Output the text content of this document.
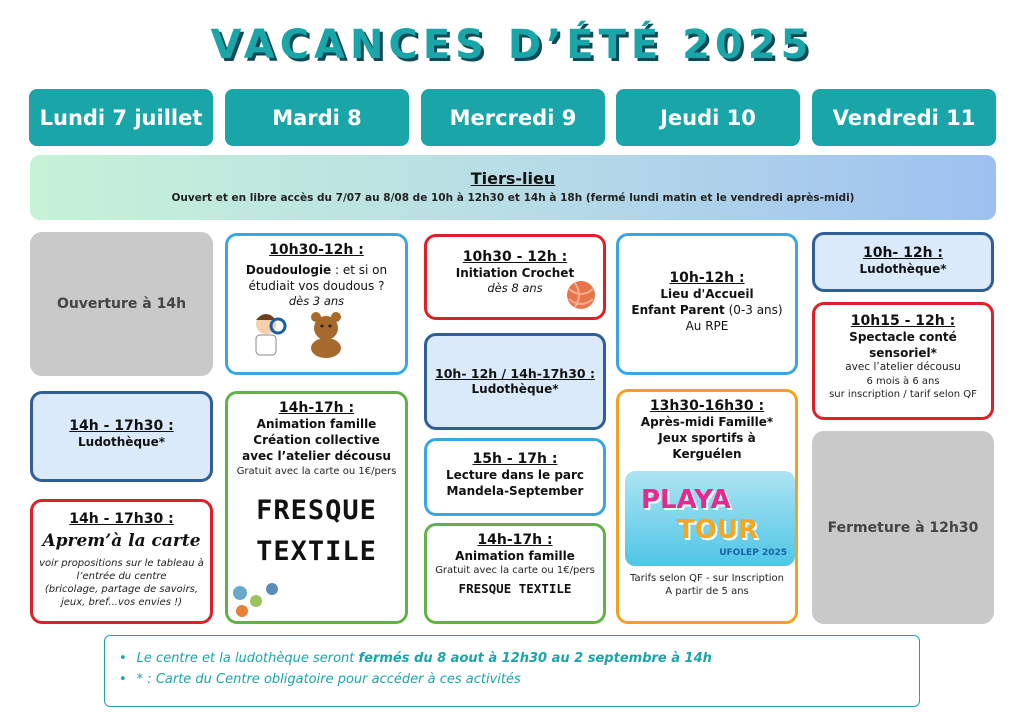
VACANCES D’ÉTÉ 2025
Lundi 7 juillet	Mardi 8	Mercredi 9	Jeudi 10	Vendredi 11
Tiers-lieu
Ouvert et en libre accès du 7/07 au 8/08 de 10h à 12h30 et 14h à 18h (fermé lundi matin et le vendredi après-midi)
Ouverture à 14h
14h - 17h30 :
Ludothèque*
14h - 17h30 :
Aprem’à la carte
voir propositions sur le tableau à l’entrée du centre
(bricolage, partage de savoirs, jeux, bref...vos envies !)
10h30-12h :
Doudoulogie : et si on étudiait vos doudous ?
dès 3 ans
14h-17h :
Animation famille
Création collective
avec l’atelier décousu
Gratuit avec la carte ou 1€/pers
FRESQUE
TEXTILE
10h30 - 12h :
Initiation Crochet
dès 8 ans
10h- 12h / 14h-17h30 :
Ludothèque*
15h - 17h :
Lecture dans le parc
Mandela-September
14h-17h :
Animation famille
Gratuit avec la carte ou 1€/pers
FRESQUE TEXTILE
10h-12h :
Lieu d'Accueil
Enfant Parent (0-3 ans)
Au RPE
13h30-16h30 :
Après-midi Famille*
Jeux sportifs à Kerguélen
PLAYA
TOUR
UFOLEP 2025
Tarifs selon QF - sur Inscription
A partir de 5 ans
10h- 12h :
Ludothèque*
10h15 - 12h :
Spectacle conté
sensoriel*
avec l’atelier décousu
6 mois à 6 ans
sur inscription / tarif selon QF
Fermeture à 12h30
• Le centre et la ludothèque seront fermés du 8 aout à 12h30 au 2 septembre à 14h
• * : Carte du Centre obligatoire pour accéder à ces activités
